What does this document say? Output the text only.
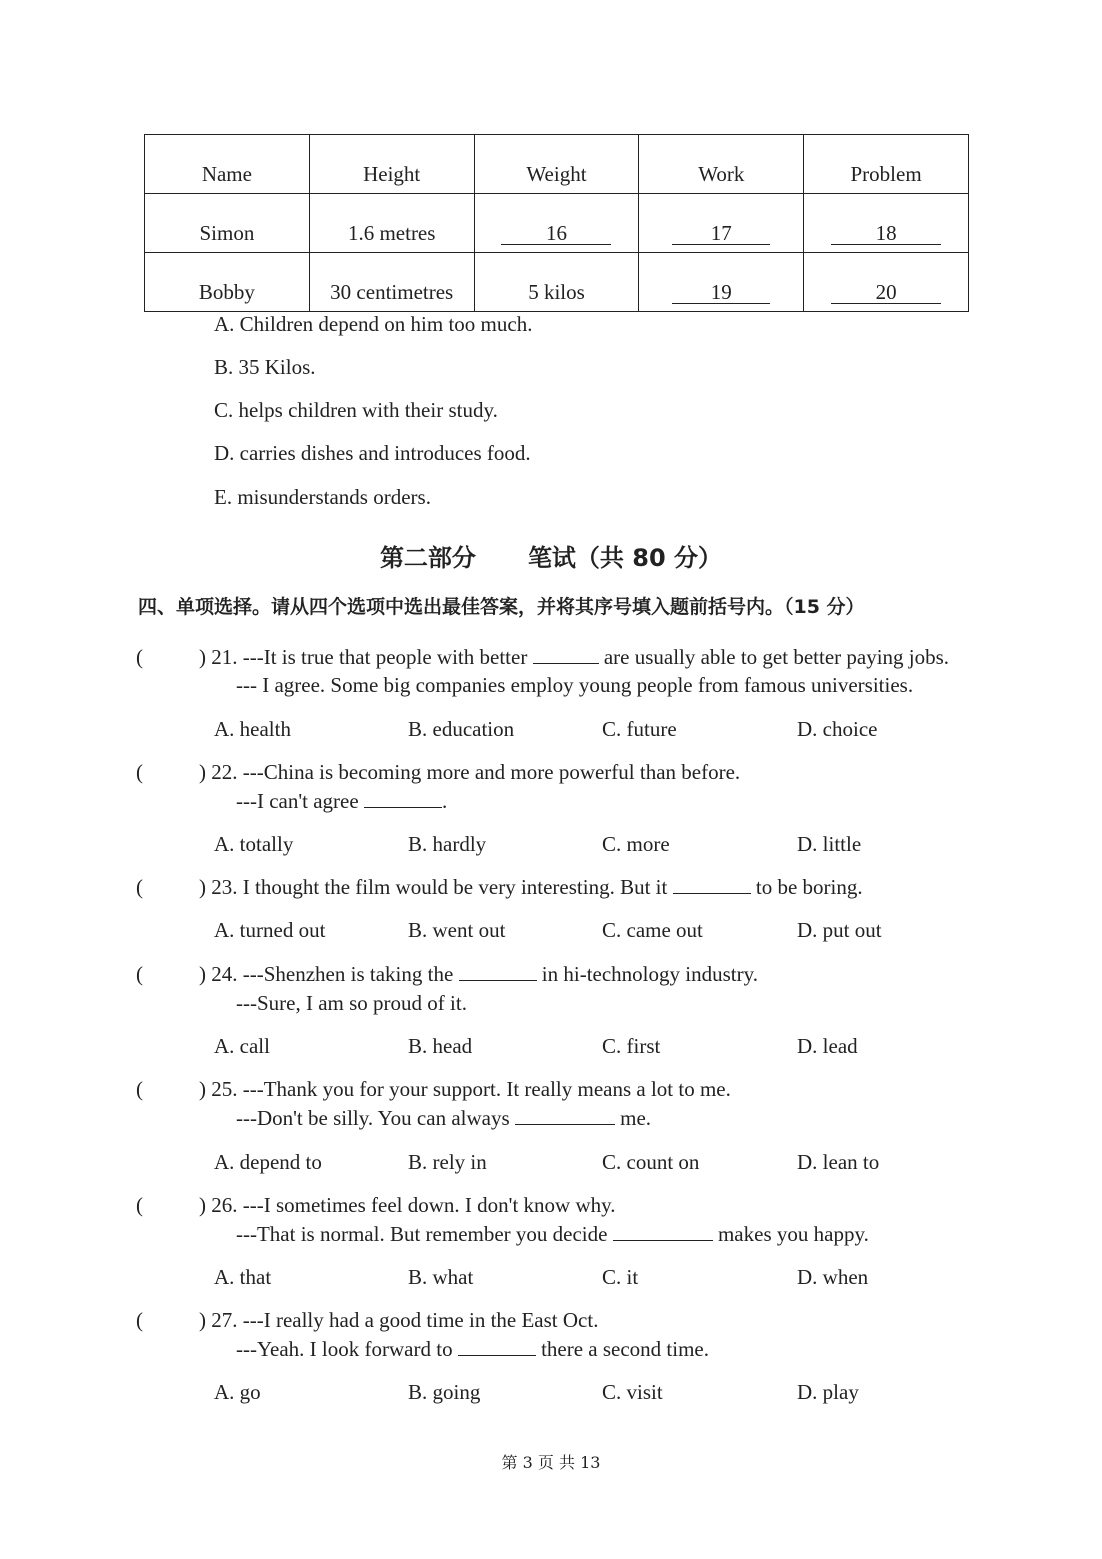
Name	Height	Weight	Work	Problem
Simon	1.6 metres	16	17	18
Bobby	30 centimetres	5 kilos	19	20
A. Children depend on him too much.
B. 35 Kilos.
C. helps children with their study.
D. carries dishes and introduces food.
E. misunderstands orders.
第二部分 笔试（共 80 分）
四、单项选择。请从四个选项中选出最佳答案，并将其序号填入题前括号内。（15 分）
(	) 21. ---It is true that people with better	are usually able to get better paying jobs.
--- I agree. Some big companies employ young people from famous universities.
A. health	B. education	C. future	D. choice
(	) 22. ---China is becoming more and more powerful than before.
---I can't agree	.
A. totally	B. hardly	C. more	D. little
(	) 23. I thought the film would be very interesting. But it	to be boring.
A. turned out	B. went out	C. came out	D. put out
(	) 24. ---Shenzhen is taking the	in hi-technology industry.
---Sure, I am so proud of it.
A. call	B. head	C. first	D. lead
(	) 25. ---Thank you for your support. It really means a lot to me.
---Don't be silly. You can always	me.
A. depend to	B. rely in	C. count on	D. lean to
(	) 26. ---I sometimes feel down. I don't know why.
---That is normal. But remember you decide	makes you happy.
A. that	B. what	C. it	D. when
(	) 27. ---I really had a good time in the East Oct.
---Yeah. I look forward to	there a second time.
A. go	B. going	C. visit	D. play
第 3 页 共 13
